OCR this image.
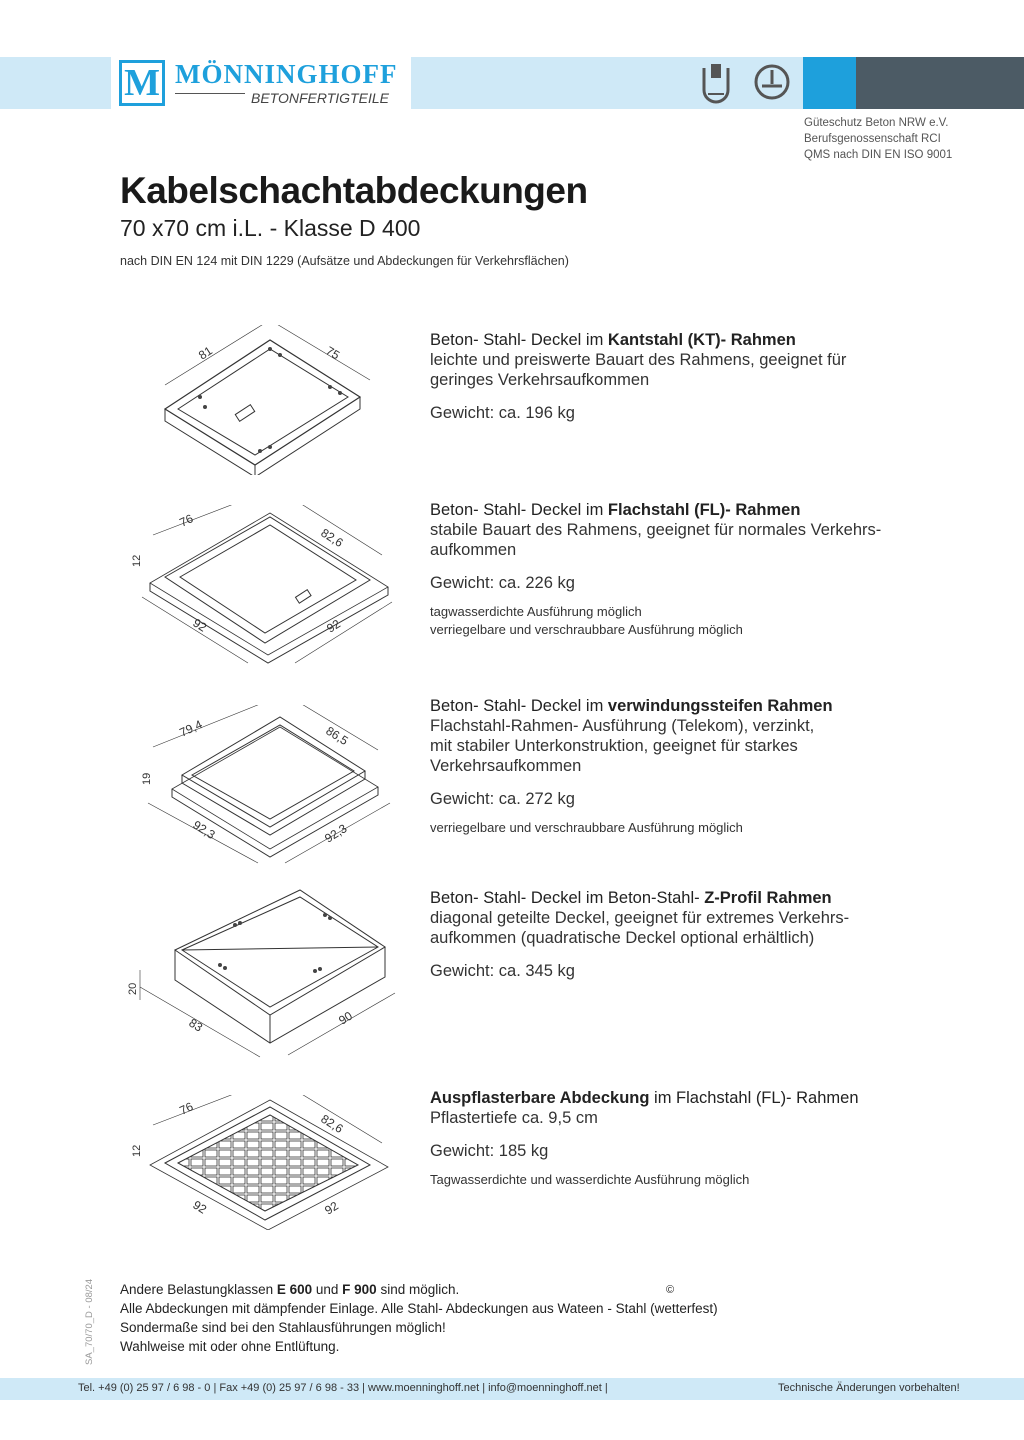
M MÖNNINGHOFF
BETONFERTIGTEILE
Güteschutz Beton NRW e.V.
Berufsgenossenschaft RCI
QMS nach DIN EN ISO 9001
Kabelschachtabdeckungen
70 x70 cm i.L. - Klasse D 400
nach DIN EN 124 mit DIN 1229 (Aufsätze und Abdeckungen für Verkehrsflächen)
81	75
Beton- Stahl- Deckel im Kantstahl (KT)- Rahmen
leichte und preiswerte Bauart des Rahmens, geeignet für
geringes Verkehrsaufkommen
Gewicht: ca. 196 kg
76
82,6
12
92	92
Beton- Stahl- Deckel im Flachstahl (FL)- Rahmen
stabile Bauart des Rahmens, geeignet für normales Verkehrs-
aufkommen
Gewicht: ca. 226 kg
tagwasserdichte Ausführung möglich
verriegelbare und verschraubbare Ausführung möglich
79,4	86,5
19
92,3	92,3
Beton- Stahl- Deckel im verwindungssteifen Rahmen
Flachstahl-Rahmen- Ausführung (Telekom), verzinkt,
mit stabiler Unterkonstruktion, geeignet für starkes
Verkehrsaufkommen
Gewicht: ca. 272 kg
verriegelbare und verschraubbare Ausführung möglich
20
83	90
Beton- Stahl- Deckel im Beton-Stahl- Z-Profil Rahmen
diagonal geteilte Deckel, geeignet für extremes Verkehrs-
aufkommen (quadratische Deckel optional erhältlich)
Gewicht: ca. 345 kg
76
82,6
12
92	92
Auspflasterbare Abdeckung im Flachstahl (FL)- Rahmen
Pflastertiefe ca. 9,5 cm
Gewicht: 185 kg
Tagwasserdichte und wasserdichte Ausführung möglich
SA_70/70_D - 08/24 Andere Belastungklassen E 600 und F 900 sind möglich.
Alle Abdeckungen mit dämpfender Einlage. Alle Stahl- Abdeckungen aus Wateen - Stahl (wetterfest)
Sondermaße sind bei den Stahlausführungen möglich!
Wahlweise mit oder ohne Entlüftung.
©
Tel. +49 (0) 25 97 / 6 98 - 0 | Fax +49 (0) 25 97 / 6 98 - 33 | www.moenninghoff.net | info@moenninghoff.net |	Technische Änderungen vorbehalten!
